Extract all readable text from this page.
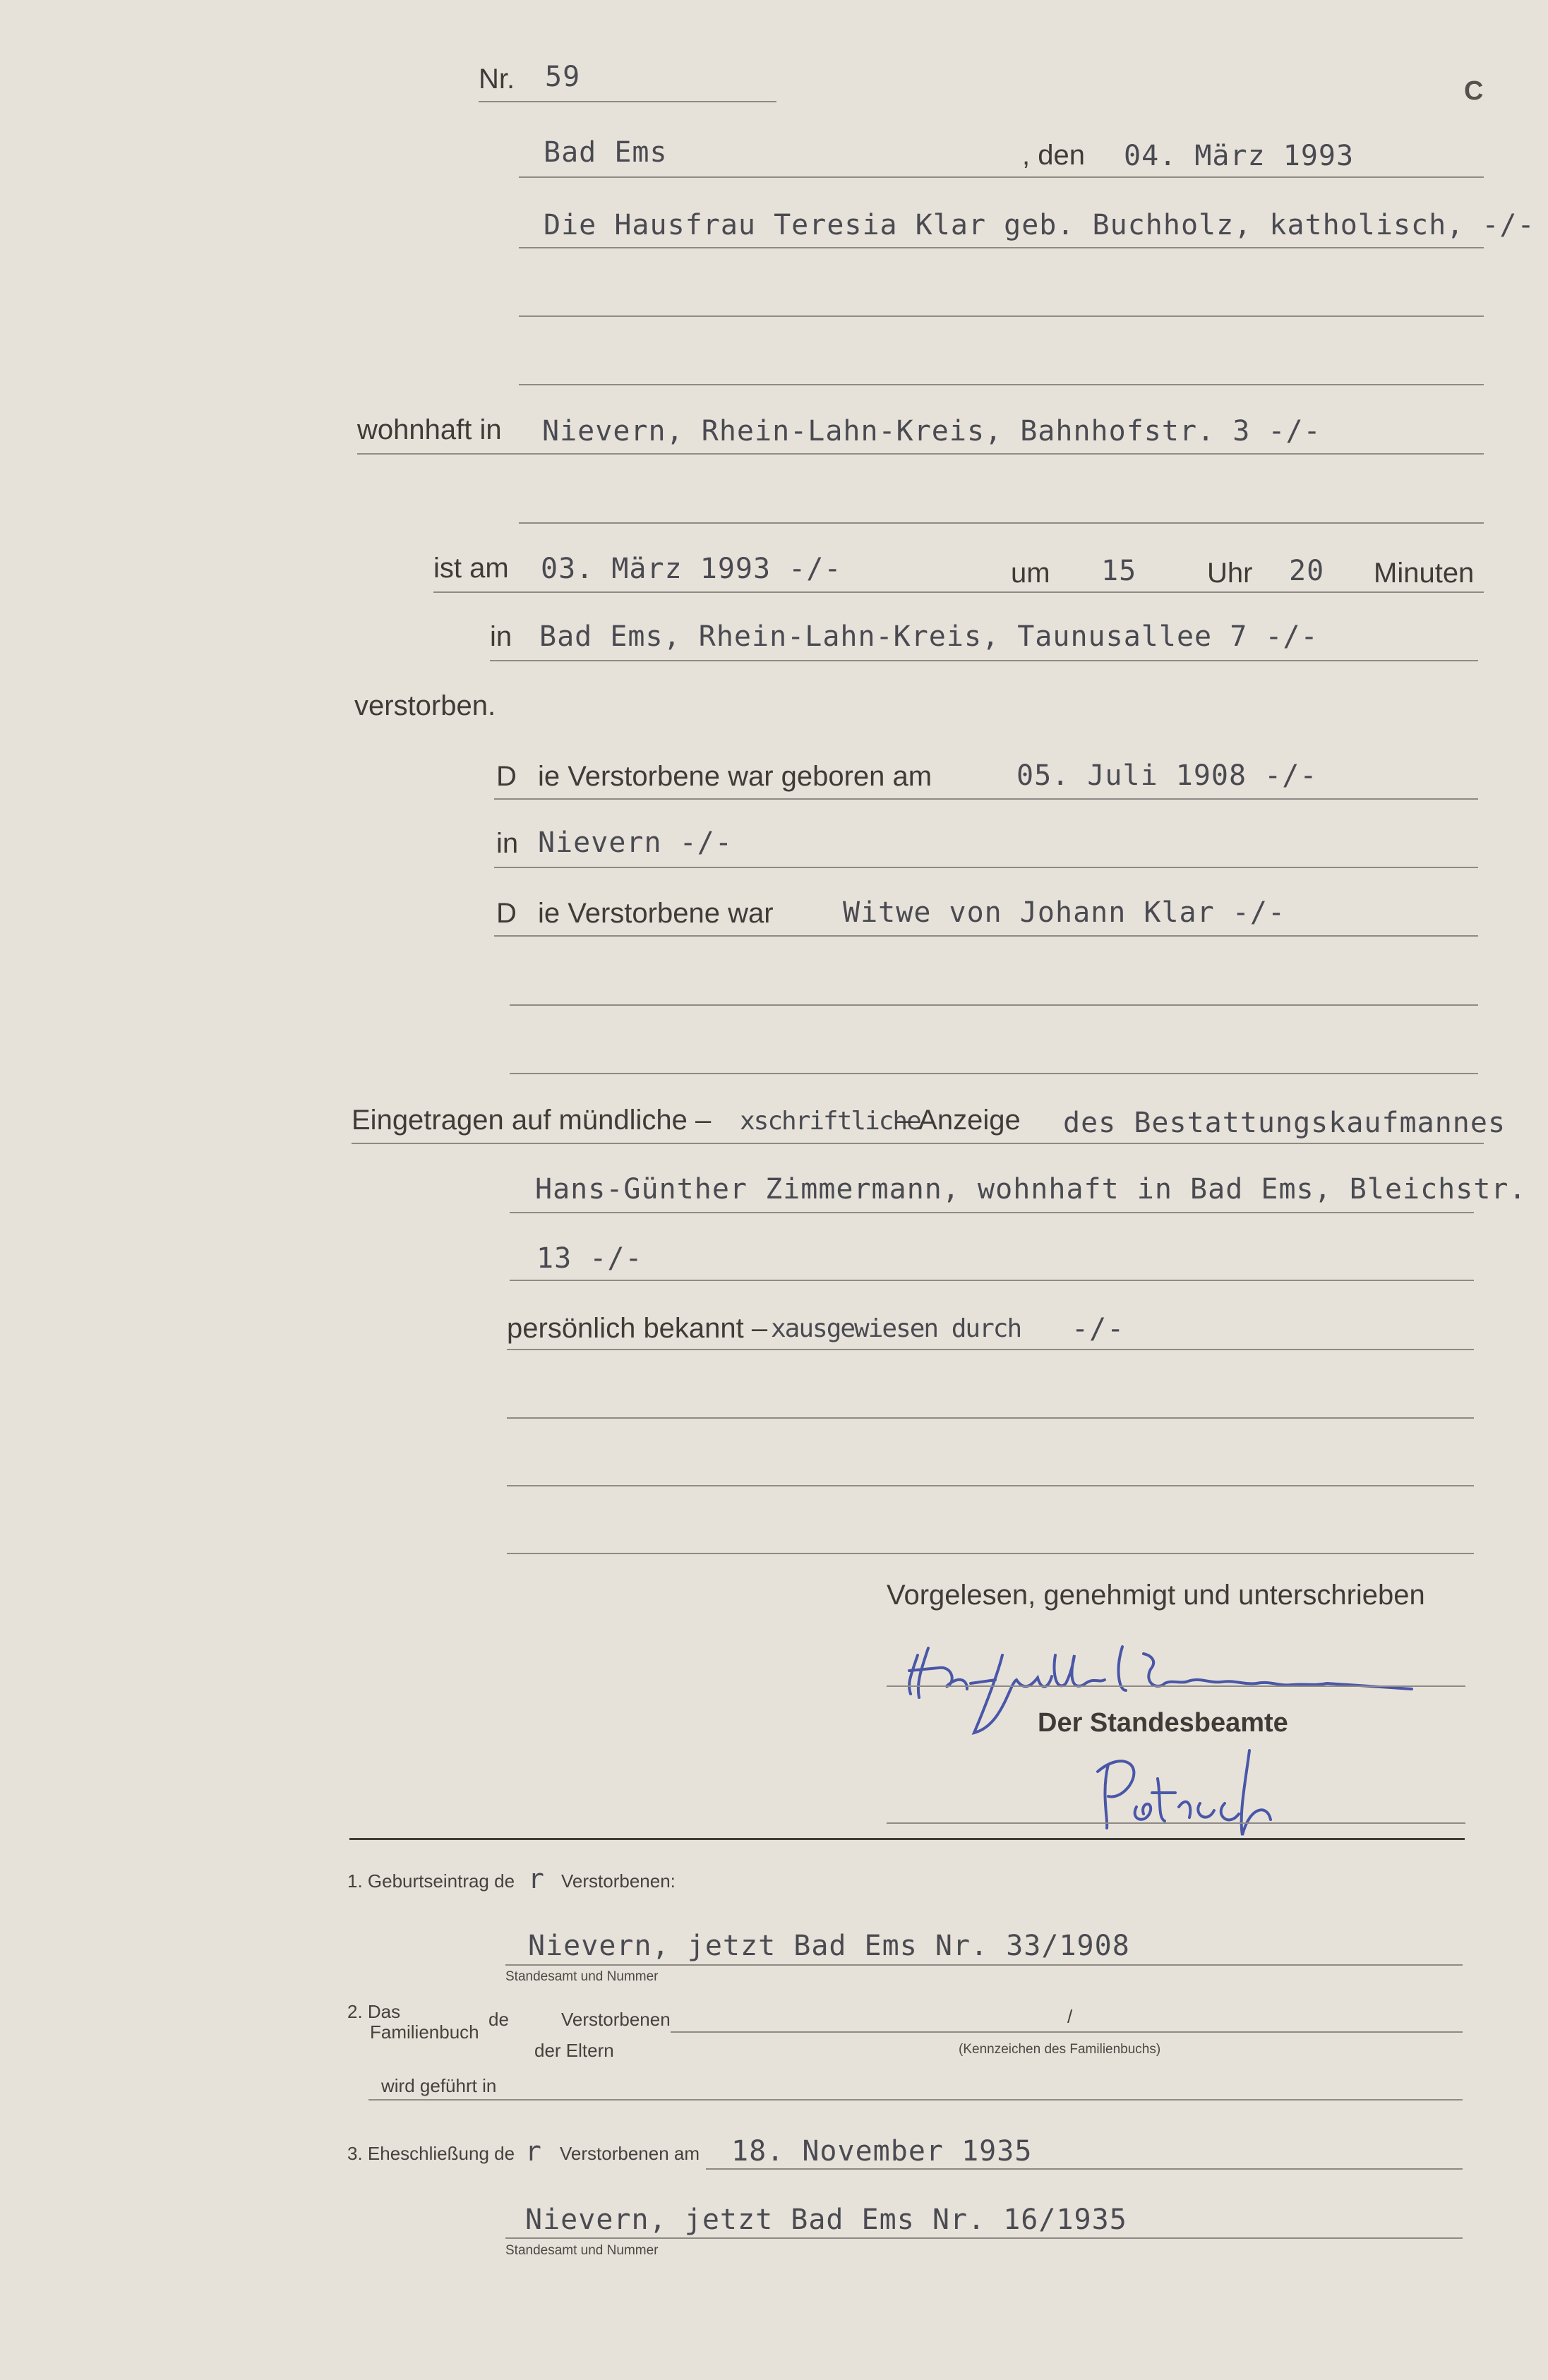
Nr. 59	C
Bad Ems	, den 04. März 1993
Die Hausfrau Teresia Klar geb. Buchholz, katholisch, -/-
wohnhaft in Nievern, Rhein-Lahn-Kreis, Bahnhofstr. 3 -/-
ist am 03. März 1993 -/-	um 15 Uhr 20 Minuten
in Bad Ems, Rhein-Lahn-Kreis, Taunusallee 7 -/-
verstorben.
D ie Verstorbene war geboren am	05. Juli 1908 -/-
in Nievern -/-
D ie Verstorbene war Witwe von Johann Klar -/-
Eingetragen auf mündliche – xschriftliche
– Anzeige des Bestattungskaufmannes
Hans-Günther Zimmermann, wohnhaft in Bad Ems, Bleichstr.
13 -/-
persönlich bekannt – xausgewiesen durch -/-
Vorgelesen, genehmigt und unterschrieben
Der Standesbeamte
1. Geburtseintrag de r Verstorbenen:
Nievern, jetzt Bad Ems Nr. 33/1908
Standesamt und Nummer
2. Das
Familienbuch
de	Verstorbenen	/
der Eltern	(Kennzeichen des Familienbuchs)
wird geführt in
3. Eheschließung de r Verstorbenen am 18. November 1935
Nievern, jetzt Bad Ems Nr. 16/1935
Standesamt und Nummer
